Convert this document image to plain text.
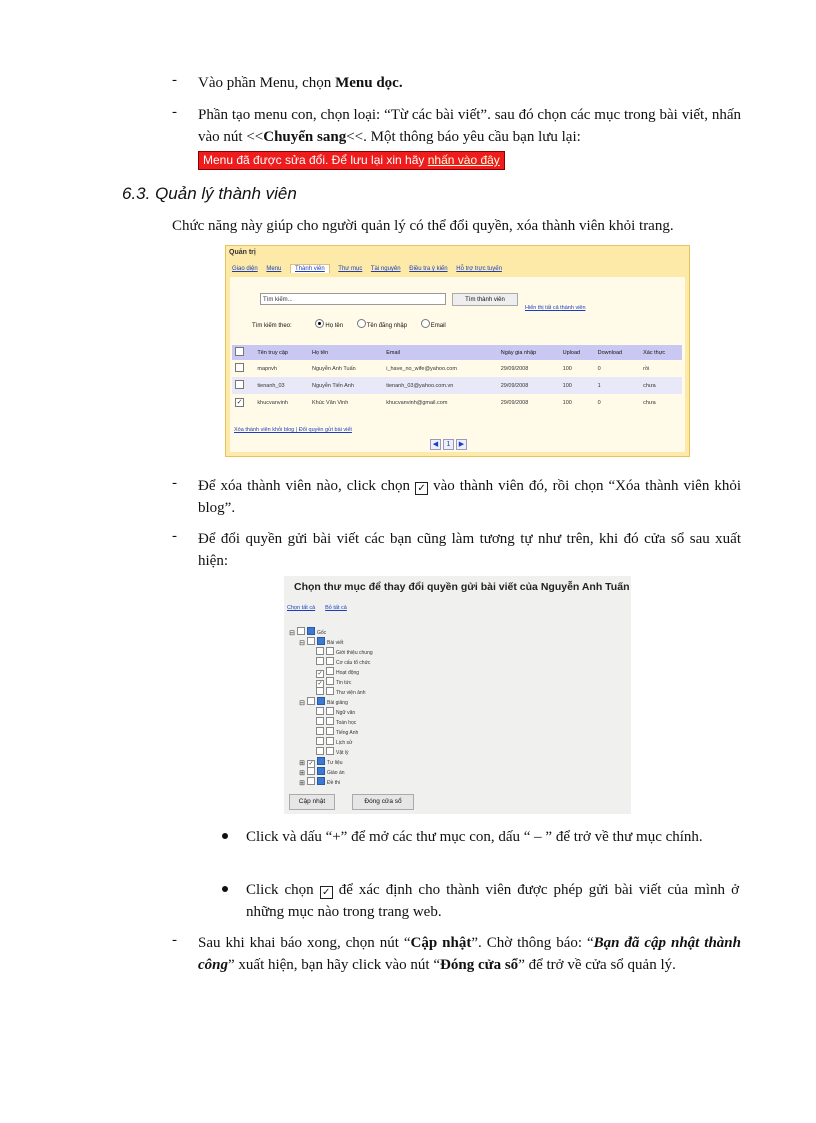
- Vào phần Menu, chọn Menu dọc.
- Phần tạo menu con, chọn loại: “Từ các bài viết”. sau đó chọn các mục trong bài viết, nhấn vào nút <<Chuyển sang<<. Một thông báo yêu cầu bạn lưu lại:
Menu đã được sửa đổi. Để lưu lại xin hãy nhấn vào đây
6.3. Quản lý thành viên
Chức năng này giúp cho người quản lý có thể đổi quyền, xóa thành viên khỏi trang.
Quản trị
Giao diện Menu Thành viên Thư mục Tài nguyên Điều tra ý kiến Hỗ trợ trực tuyến
Tìm kiếm...	Tìm thành viên
Hiển thị tất cả thành viên
Tìm kiếm theo:	Họ tên	Tên đăng nhập	Email
	Tên truy cập	Họ tên	Email	Ngày gia nhập	Upload	Download	Xác thực
	mapnvh	Nguyễn Anh Tuấn	i_have_no_wife@yahoo.com	29/09/2008	100	0	rồi
	tienanh_03	Nguyễn Tiến Anh	tienanh_03@yahoo.com.vn	29/09/2008	100	1	chưa
✓	khucvanvinh	Khúc Văn Vinh	khucvanvinh@gmail.com	29/09/2008	100	0	chưa
Xóa thành viên khỏi blog | Đổi quyền gửi bài viết
◀ 1 ▶
- Để xóa thành viên nào, click chọn ✓ vào thành viên đó, rồi chọn “Xóa thành viên khỏi blog”.
- Để đổi quyền gửi bài viết các bạn cũng làm tương tự như trên, khi đó cửa sổ sau xuất hiện:
Chọn thư mục để thay đổi quyền gửi bài viết của Nguyễn Anh Tuấn
Chọn tất cả Bỏ tất cả
⊟	Gốc
⊟	Bài viết
Giới thiệu chung
Cơ cấu tổ chức
✓	Hoạt động
✓	Tin tức
Thư viện ảnh
⊟	Bài giảng
Ngữ văn
Toán học
Tiếng Anh
Lịch sử
Vật lý
⊞ ✓	Tư liệu
⊞	Giáo án
⊞	Đề thi
Cập nhật	Đóng cửa sổ
Click và dấu “+” để mở các thư mục con, dấu “ – ” để trở về thư mục chính.
Click chọn ✓ để xác định cho thành viên được phép gửi bài viết của mình ở những mục nào trong trang web.
- Sau khi khai báo xong, chọn nút “Cập nhật”. Chờ thông báo: “Bạn đã cập nhật thành công” xuất hiện, bạn hãy click vào nút “Đóng cửa sổ” để trở về cửa sổ quản lý.
